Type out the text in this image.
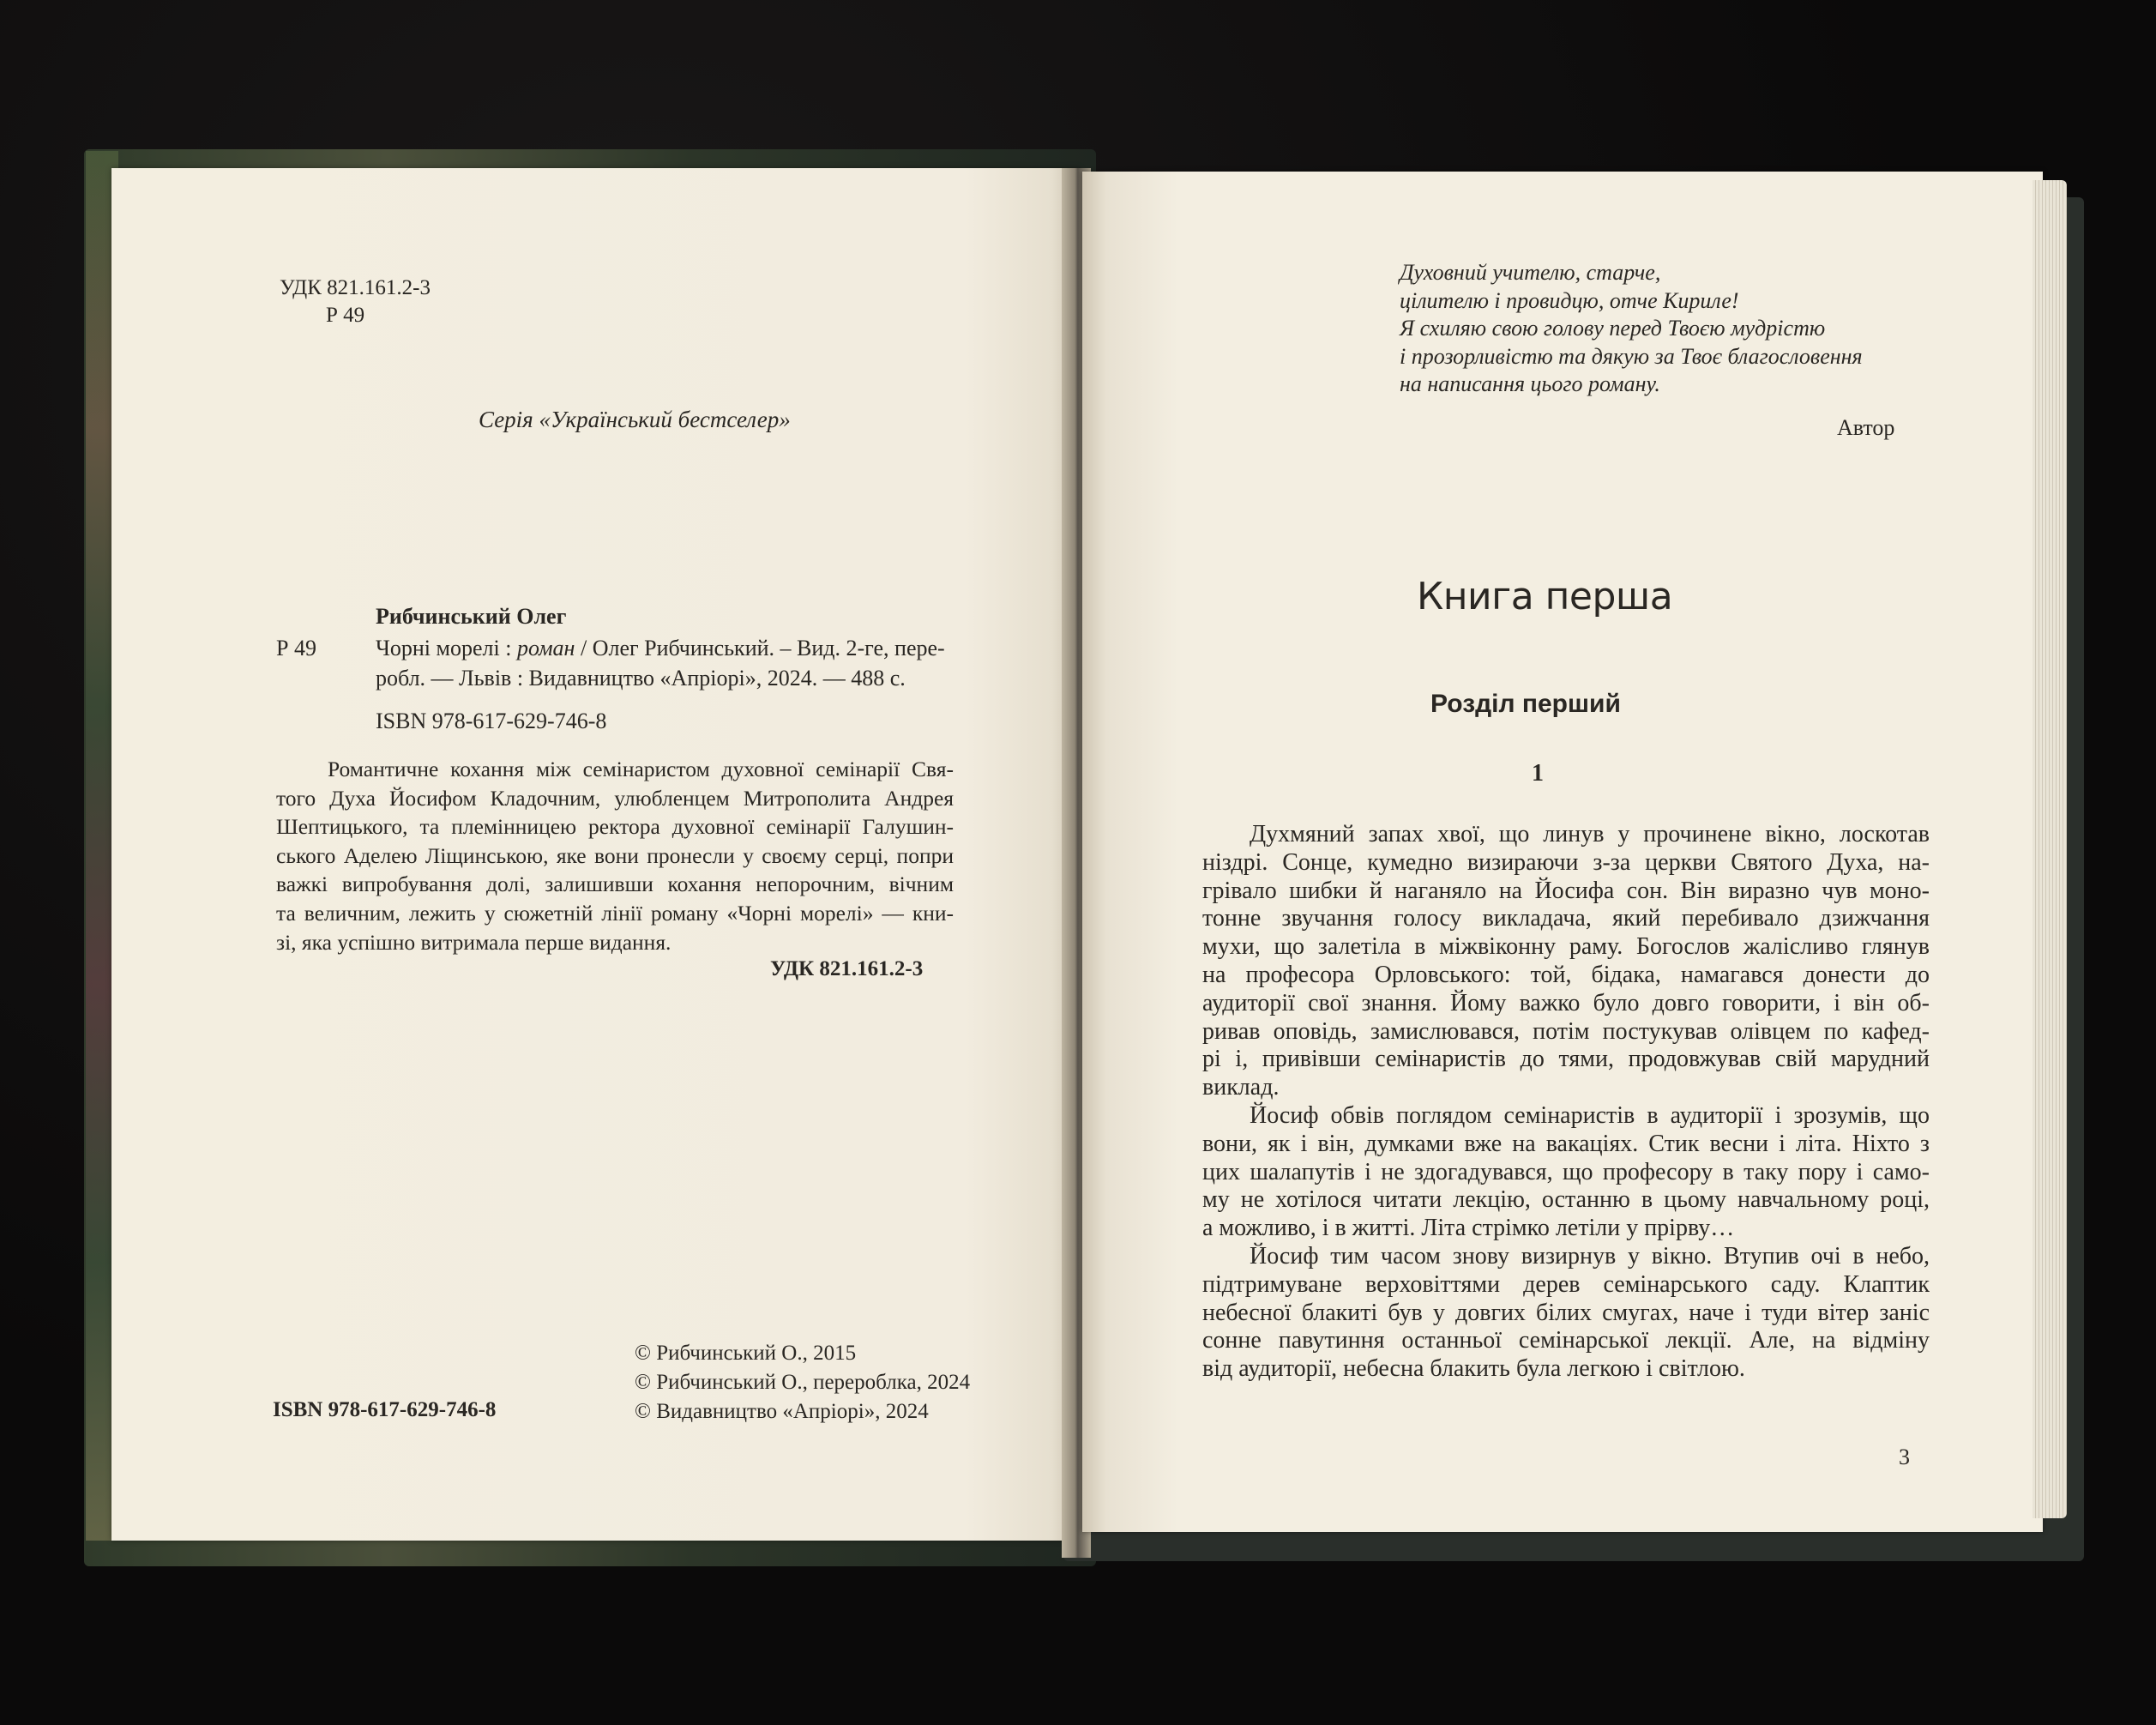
УДК 821.161.2-3
Р 49
Серія «Український бестселер»
Рибчинський Олег
Р 49	Чорні морелі : роман / Олег Рибчинський. – Вид. 2-ге, пере-
робл. — Львів : Видавництво «Апріорі», 2024. — 488 с.
ISBN 978-617-629-746-8
Романтичне кохання між семінаристом духовної семінарії Свя-
того Духа Йосифом Кладочним, улюбленцем Митрополита Андрея
Шептицького, та племінницею ректора духовної семінарії Галушин-
ського Аделею Ліщинською, яке вони пронесли у своєму серці, попри
важкі випробування долі, залишивши кохання непорочним, вічним
та величним, лежить у сюжетній лінії роману «Чорні морелі» — кни-
зі, яка успішно витримала перше видання.
УДК 821.161.2-3
© Рибчинський О., 2015
© Рибчинський О., перероблка, 2024
© Видавництво «Апріорі», 2024
ISBN 978-617-629-746-8
Духовний учителю, старче,
цілителю і провидцю, отче Кириле!
Я схиляю свою голову перед Твоєю мудрістю
і прозорливістю та дякую за Твоє благословення
на написання цього роману.
Автор
Книга перша
Розділ перший
1
Духмяний запах хвої, що линув у прочинене вікно, лоскотав
ніздрі. Сонце, кумедно визираючи з-за церкви Святого Духа, на-
грівало шибки й наганяло на Йосифа сон. Він виразно чув моно-
тонне звучання голосу викладача, який перебивало дзижчання
мухи, що залетіла в міжвіконну раму. Богослов жалісливо глянув
на професора Орловського: той, бідака, намагався донести до
аудиторії свої знання. Йому важко було довго говорити, і він об-
ривав оповідь, замислювався, потім постукував олівцем по кафед-
рі і, привівши семінаристів до тями, продовжував свій марудний
виклад.
Йосиф обвів поглядом семінаристів в аудиторії і зрозумів, що
вони, як і він, думками вже на вакаціях. Стик весни і літа. Ніхто з
цих шалапутів і не здогадувався, що професору в таку пору і само-
му не хотілося читати лекцію, останню в цьому навчальному році,
а можливо, і в житті. Літа стрімко летіли у прірву…
Йосиф тим часом знову визирнув у вікно. Втупив очі в небо,
підтримуване верховіттями дерев семінарського саду. Клаптик
небесної блакиті був у довгих білих смугах, наче і туди вітер заніс
сонне павутиння останньої семінарської лекції. Але, на відміну
від аудиторії, небесна блакить була легкою і світлою.
3
